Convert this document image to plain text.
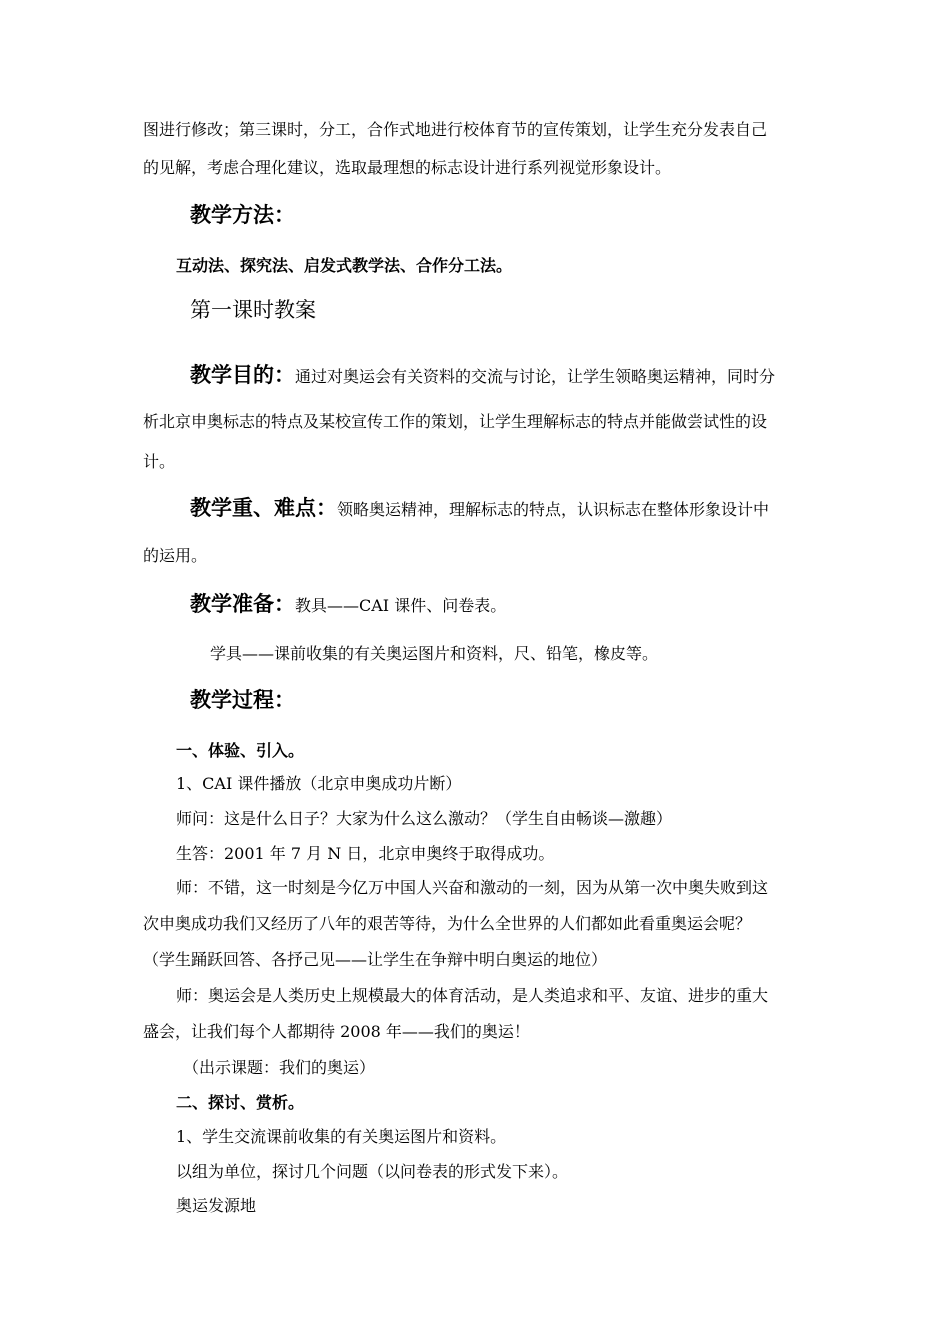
图进行修改；第三课时，分工，合作式地进行校体育节的宣传策划，让学生充分发表自己
的见解，考虑合理化建议，选取最理想的标志设计进行系列视觉形象设计。
教学方法：
互动法、探究法、启发式教学法、合作分工法。
第一课时教案
教学目的：通过对奥运会有关资料的交流与讨论，让学生领略奥运精神，同时分
析北京申奥标志的特点及某校宣传工作的策划，让学生理解标志的特点并能做尝试性的设
计。
教学重、难点：领略奥运精神，理解标志的特点，认识标志在整体形象设计中
的运用。
教学准备：教具——CAI 课件、问卷表。
学具——课前收集的有关奥运图片和资料，尺、铅笔，橡皮等。
教学过程：
一、体验、引入。
1、CAI 课件播放（北京申奥成功片断）
师问：这是什么日子？大家为什么这么激动？（学生自由畅谈—激趣）
生答：2001 年 7 月 N 日，北京申奥终于取得成功。
师：不错，这一时刻是今亿万中国人兴奋和激动的一刻，因为从第一次中奥失败到这
次申奥成功我们又经历了八年的艰苦等待，为什么全世界的人们都如此看重奥运会呢？
（学生踊跃回答、各抒己见——让学生在争辩中明白奥运的地位）
师：奥运会是人类历史上规模最大的体育活动，是人类追求和平、友谊、进步的重大
盛会，让我们每个人都期待 2008 年——我们的奥运！
（出示课题：我们的奥运）
二、探讨、赏析。
1、学生交流课前收集的有关奥运图片和资料。
以组为单位，探讨几个问题（以问卷表的形式发下来）。
奥运发源地
